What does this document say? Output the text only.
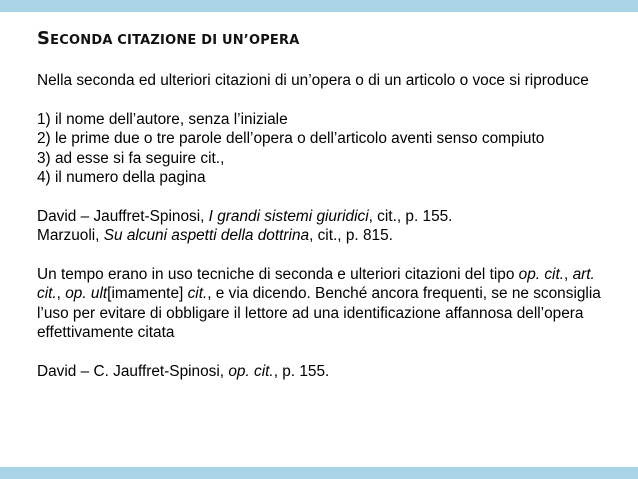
SECONDA CITAZIONE DI UN’OPERA

Nella seconda ed ulteriori citazioni di un’opera o di un articolo o voce si riproduce

1) il nome dell’autore, senza l’iniziale

2) le prime due o tre parole dell’opera o dell’articolo aventi senso compiuto

3) ad esse si fa seguire cit.,

4) il numero della pagina

David – Jauffret-Spinosi, I grandi sistemi giuridici, cit., p. 155.

Marzuoli, Su alcuni aspetti della dottrina, cit., p. 815.

Un tempo erano in uso tecniche di seconda e ulteriori citazioni del tipo op. cit., art. cit., op. ult[imamente] cit., e via dicendo. Benché ancora frequenti, se ne sconsiglia l’uso per evitare di obbligare il lettore ad una identificazione affannosa dell’opera effettivamente citata

David – C. Jauffret-Spinosi, op. cit., p. 155.
